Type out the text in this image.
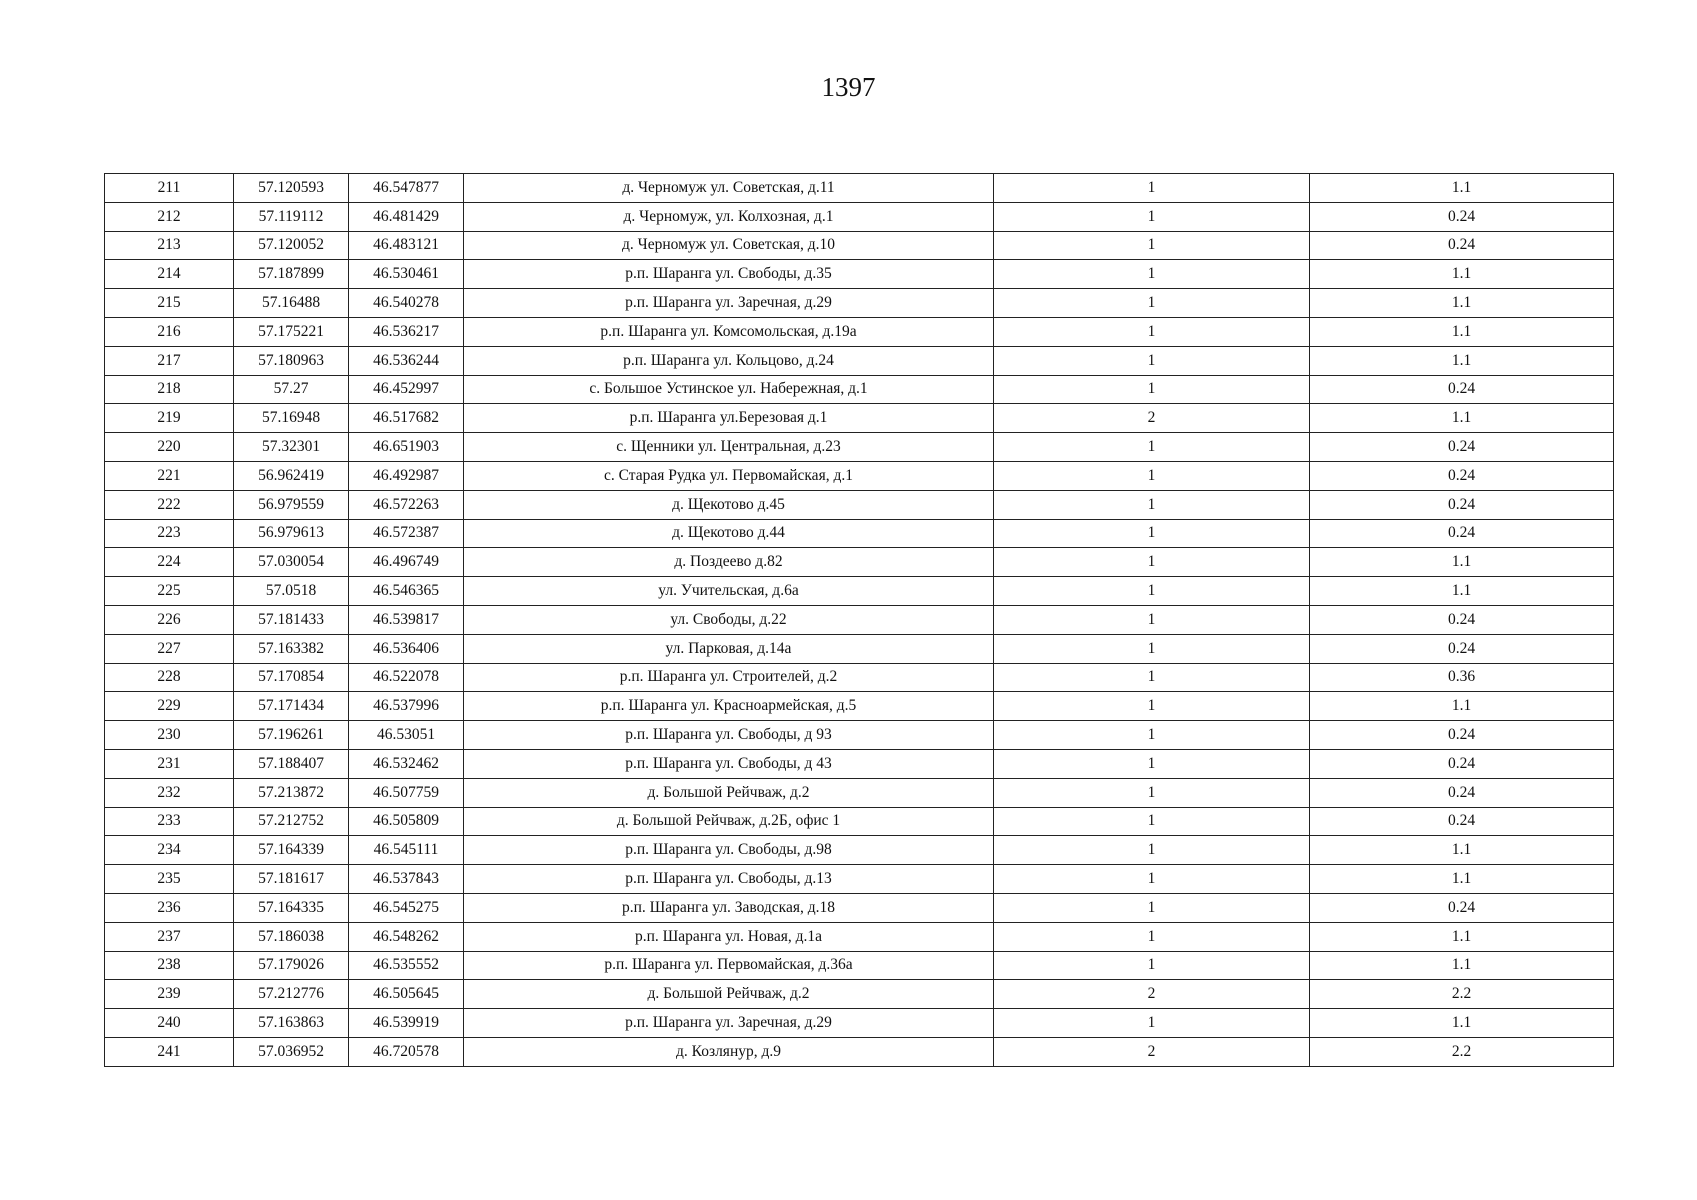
1397
211	57.120593	46.547877	д. Черномуж ул. Советская, д.11	1	1.1
212	57.119112	46.481429	д. Черномуж, ул. Колхозная, д.1	1	0.24
213	57.120052	46.483121	д. Черномуж ул. Советская, д.10	1	0.24
214	57.187899	46.530461	р.п. Шаранга ул. Свободы, д.35	1	1.1
215	57.16488	46.540278	р.п. Шаранга ул. Заречная, д.29	1	1.1
216	57.175221	46.536217	р.п. Шаранга ул. Комсомольская, д.19а	1	1.1
217	57.180963	46.536244	р.п. Шаранга ул. Кольцово, д.24	1	1.1
218	57.27	46.452997	с. Большое Устинское ул. Набережная, д.1	1	0.24
219	57.16948	46.517682	р.п. Шаранга ул.Березовая д.1	2	1.1
220	57.32301	46.651903	с. Щенники ул. Центральная, д.23	1	0.24
221	56.962419	46.492987	с. Старая Рудка ул. Первомайская, д.1	1	0.24
222	56.979559	46.572263	д. Щекотово д.45	1	0.24
223	56.979613	46.572387	д. Щекотово д.44	1	0.24
224	57.030054	46.496749	д. Поздеево д.82	1	1.1
225	57.0518	46.546365	ул. Учительская, д.6а	1	1.1
226	57.181433	46.539817	ул. Свободы, д.22	1	0.24
227	57.163382	46.536406	ул. Парковая, д.14а	1	0.24
228	57.170854	46.522078	р.п. Шаранга ул. Строителей, д.2	1	0.36
229	57.171434	46.537996	р.п. Шаранга ул. Красноармейская, д.5	1	1.1
230	57.196261	46.53051	р.п. Шаранга ул. Свободы, д 93	1	0.24
231	57.188407	46.532462	р.п. Шаранга ул. Свободы, д 43	1	0.24
232	57.213872	46.507759	д. Большой Рейчваж, д.2	1	0.24
233	57.212752	46.505809	д. Большой Рейчваж, д.2Б, офис 1	1	0.24
234	57.164339	46.545111	р.п. Шаранга ул. Свободы, д.98	1	1.1
235	57.181617	46.537843	р.п. Шаранга ул. Свободы, д.13	1	1.1
236	57.164335	46.545275	р.п. Шаранга ул. Заводская, д.18	1	0.24
237	57.186038	46.548262	р.п. Шаранга ул. Новая, д.1а	1	1.1
238	57.179026	46.535552	р.п. Шаранга ул. Первомайская, д.36а	1	1.1
239	57.212776	46.505645	д. Большой Рейчваж, д.2	2	2.2
240	57.163863	46.539919	р.п. Шаранга ул. Заречная, д.29	1	1.1
241	57.036952	46.720578	д. Козлянур, д.9	2	2.2
